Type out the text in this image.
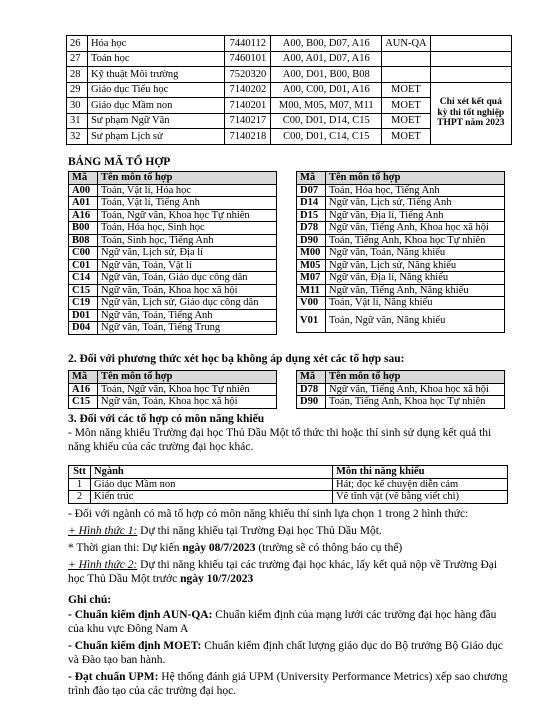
26	Hóa học	7440112	A00, B00, D07, A16	AUN-QA	
27	Toán học	7460101	A00, A01, D07, A16		
28	Kỹ thuật Môi trường	7520320	A00, D01, B00, B08		
29	Giáo dục Tiểu học	7140202	A00, C00, D01, A16	MOET	Chỉ xét kết quả kỳ thi tốt nghiệp THPT năm 2023
30	Giáo dục Mầm non	7140201	M00, M05, M07, M11	MOET	
31	Sư phạm Ngữ Văn	7140217	C00, D01, D14, C15	MOET	
32	Sư phạm Lịch sử	7140218	C00, D01, C14, C15	MOET	
BẢNG MÃ TỔ HỢP
Mã	Tên môn tổ hợp
A00	Toán, Vật lí, Hóa học
A01	Toán, Vật lí, Tiếng Anh
A16	Toán, Ngữ văn, Khoa học Tự nhiên
B00	Toán, Hóa học, Sinh học
B08	Toán, Sinh học, Tiếng Anh
C00	Ngữ văn, Lịch sử, Địa lí
C01	Ngữ văn, Toán, Vật lí
C14	Ngữ văn, Toán, Giáo dục công dân
C15	Ngữ văn, Toán, Khoa học xã hội
C19	Ngữ văn, Lịch sử, Giáo dục công dân
D01	Ngữ văn, Toán, Tiếng Anh
D04	Ngữ văn, Toán, Tiếng Trung
Mã	Tên môn tổ hợp
D07	Toán, Hóa học, Tiếng Anh
D14	Ngữ văn, Lịch sử, Tiếng Anh
D15	Ngữ văn, Địa lí, Tiếng Anh
D78	Ngữ văn, Tiếng Anh, Khoa học xã hội
D90	Toán, Tiếng Anh, Khoa học Tự nhiên
M00	Ngữ văn, Toán, Năng khiếu
M05	Ngữ văn, Lịch sử, Năng khiếu
M07	Ngữ văn, Địa lí, Năng khiếu
M11	Ngữ văn, Tiếng Anh, Năng khiếu
V00	Toán, Vật lí, Năng khiếu
V01	Toán, Ngữ văn, Năng khiếu
2. Đối với phương thức xét học bạ không áp dụng xét các tổ hợp sau:
Mã	Tên môn tổ hợp
A16	Toán, Ngữ văn, Khoa học Tự nhiên
C15	Ngữ văn, Toán, Khoa học xã hội
Mã	Tên môn tổ hợp
D78	Ngữ văn, Tiếng Anh, Khoa học xã hội
D90	Toán, Tiếng Anh, Khoa học Tự nhiên
3. Đối với các tổ hợp có môn năng khiếu
- Môn năng khiếu Trường đại học Thủ Dầu Một tổ thức thi hoặc thí sinh sử dụng kết quả thi năng khiếu của các trường đại học khác.
Stt	Ngành	Môn thi năng khiếu
1	Giáo dục Mầm non	Hát; đọc kể chuyện diễn cảm
2	Kiến trúc	Vẽ tĩnh vật (vẽ bằng viết chì)
- Đối với ngành có mã tổ hợp có môn năng khiếu thí sinh lựa chọn 1 trong 2 hình thức:
+ Hình thức 1: Dự thi năng khiếu tại Trường Đại học Thủ Dầu Một.
* Thời gian thi: Dự kiến ngày 08/7/2023 (trường sẽ có thông báo cụ thể)
+ Hình thức 2: Dự thi năng khiếu tại các trường đại học khác, lấy kết quả nộp về Trường Đại học Thủ Dầu Một trước ngày 10/7/2023
Ghi chú:
- Chuẩn kiểm định AUN-QA: Chuẩn kiểm định của mạng lưới các trường đại học hàng đầu của khu vực Đông Nam A
- Chuẩn kiểm định MOET: Chuẩn kiểm định chất lượng giáo dục do Bộ trưởng Bộ Giáo dục và Đào tạo ban hành.
- Đạt chuẩn UPM: Hệ thống đánh giá UPM (University Performance Metrics) xếp sao chương trình đào tạo của các trường đại học.
